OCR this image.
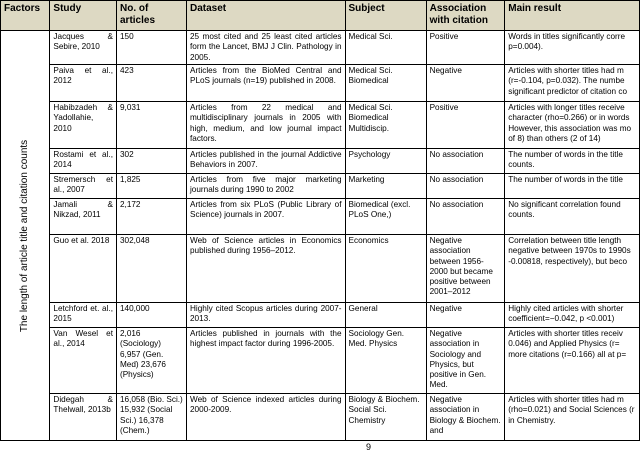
Factors	Study	No. of articles	Dataset	Subject	Association with citation	Main result

The length of article title and citation counts	Jacques & Sebire, 2010	150	25 most cited and 25 least cited articles form the Lancet, BMJ J Clin. Pathology in 2005.	Medical Sci.	Positive	Words in titles significantly corre p=0.004).
	Paiva et al., 2012	423	Articles from the BioMed Central and PLoS journals (n=19) published in 2008.	Medical Sci. Biomedical	Negative	Articles with shorter titles had m (r=-0.104, p=0.032). The numbe significant predictor of citation co
	Habibzadeh & Yadollahie, 2010	9,031	Articles from 22 medical and multidisciplinary journals in 2005 with high, medium, and low journal impact factors.	Medical Sci. Biomedical Multidiscip.	Positive	Articles with longer titles receive character (rho=0.266) or in words However, this association was mo of 8) than others (2 of 14)
	Rostami et al., 2014	302	Articles published in the journal Addictive Behaviors in 2007.	Psychology	No association	The number of words in the title counts.
	Stremersch et al., 2007	1,825	Articles from five major marketing journals during 1990 to 2002	Marketing	No association	The number of words in the title
	Jamali & Nikzad, 2011	2,172	Articles from six PLoS (Public Library of Science) journals in 2007.	Biomedical (excl. PLoS One,)	No association	No significant correlation found counts.
	Guo et al. 2018	302,048	Web of Science articles in Economics published during 1956–2012.	Economics	Negative association between 1956-2000 but became positive between 2001–2012	Correlation between title length negative between 1970s to 1990s -0.00818, respectively), but beco
	Letchford et. al., 2015	140,000	Highly cited Scopus articles during 2007-2013.	General	Negative	Highly cited articles with shorter coefficient=−0.042, p <0.001)
	Van Wesel et al., 2014	2,016 (Sociology) 6,957 (Gen. Med) 23,676 (Physics)	Articles published in journals with the highest impact factor during 1996-2005.	Sociology Gen. Med. Physics	Negative association in Sociology and Physics, but positive in Gen. Med.	Articles with shorter titles receiv 0.046) and Applied Physics (r= more citations (r=0.166) all at p=
	Didegah & Thelwall, 2013b	16,058 (Bio. Sci.) 15,932 (Social Sci.) 16,378 (Chem.)	Web of Science indexed articles during 2000-2009.	Biology & Biochem. Social Sci. Chemistry	Negative association in Biology & Biochem. and	Articles with shorter titles had m (rho=0.021) and Social Sciences (r in Chemistry.
9
